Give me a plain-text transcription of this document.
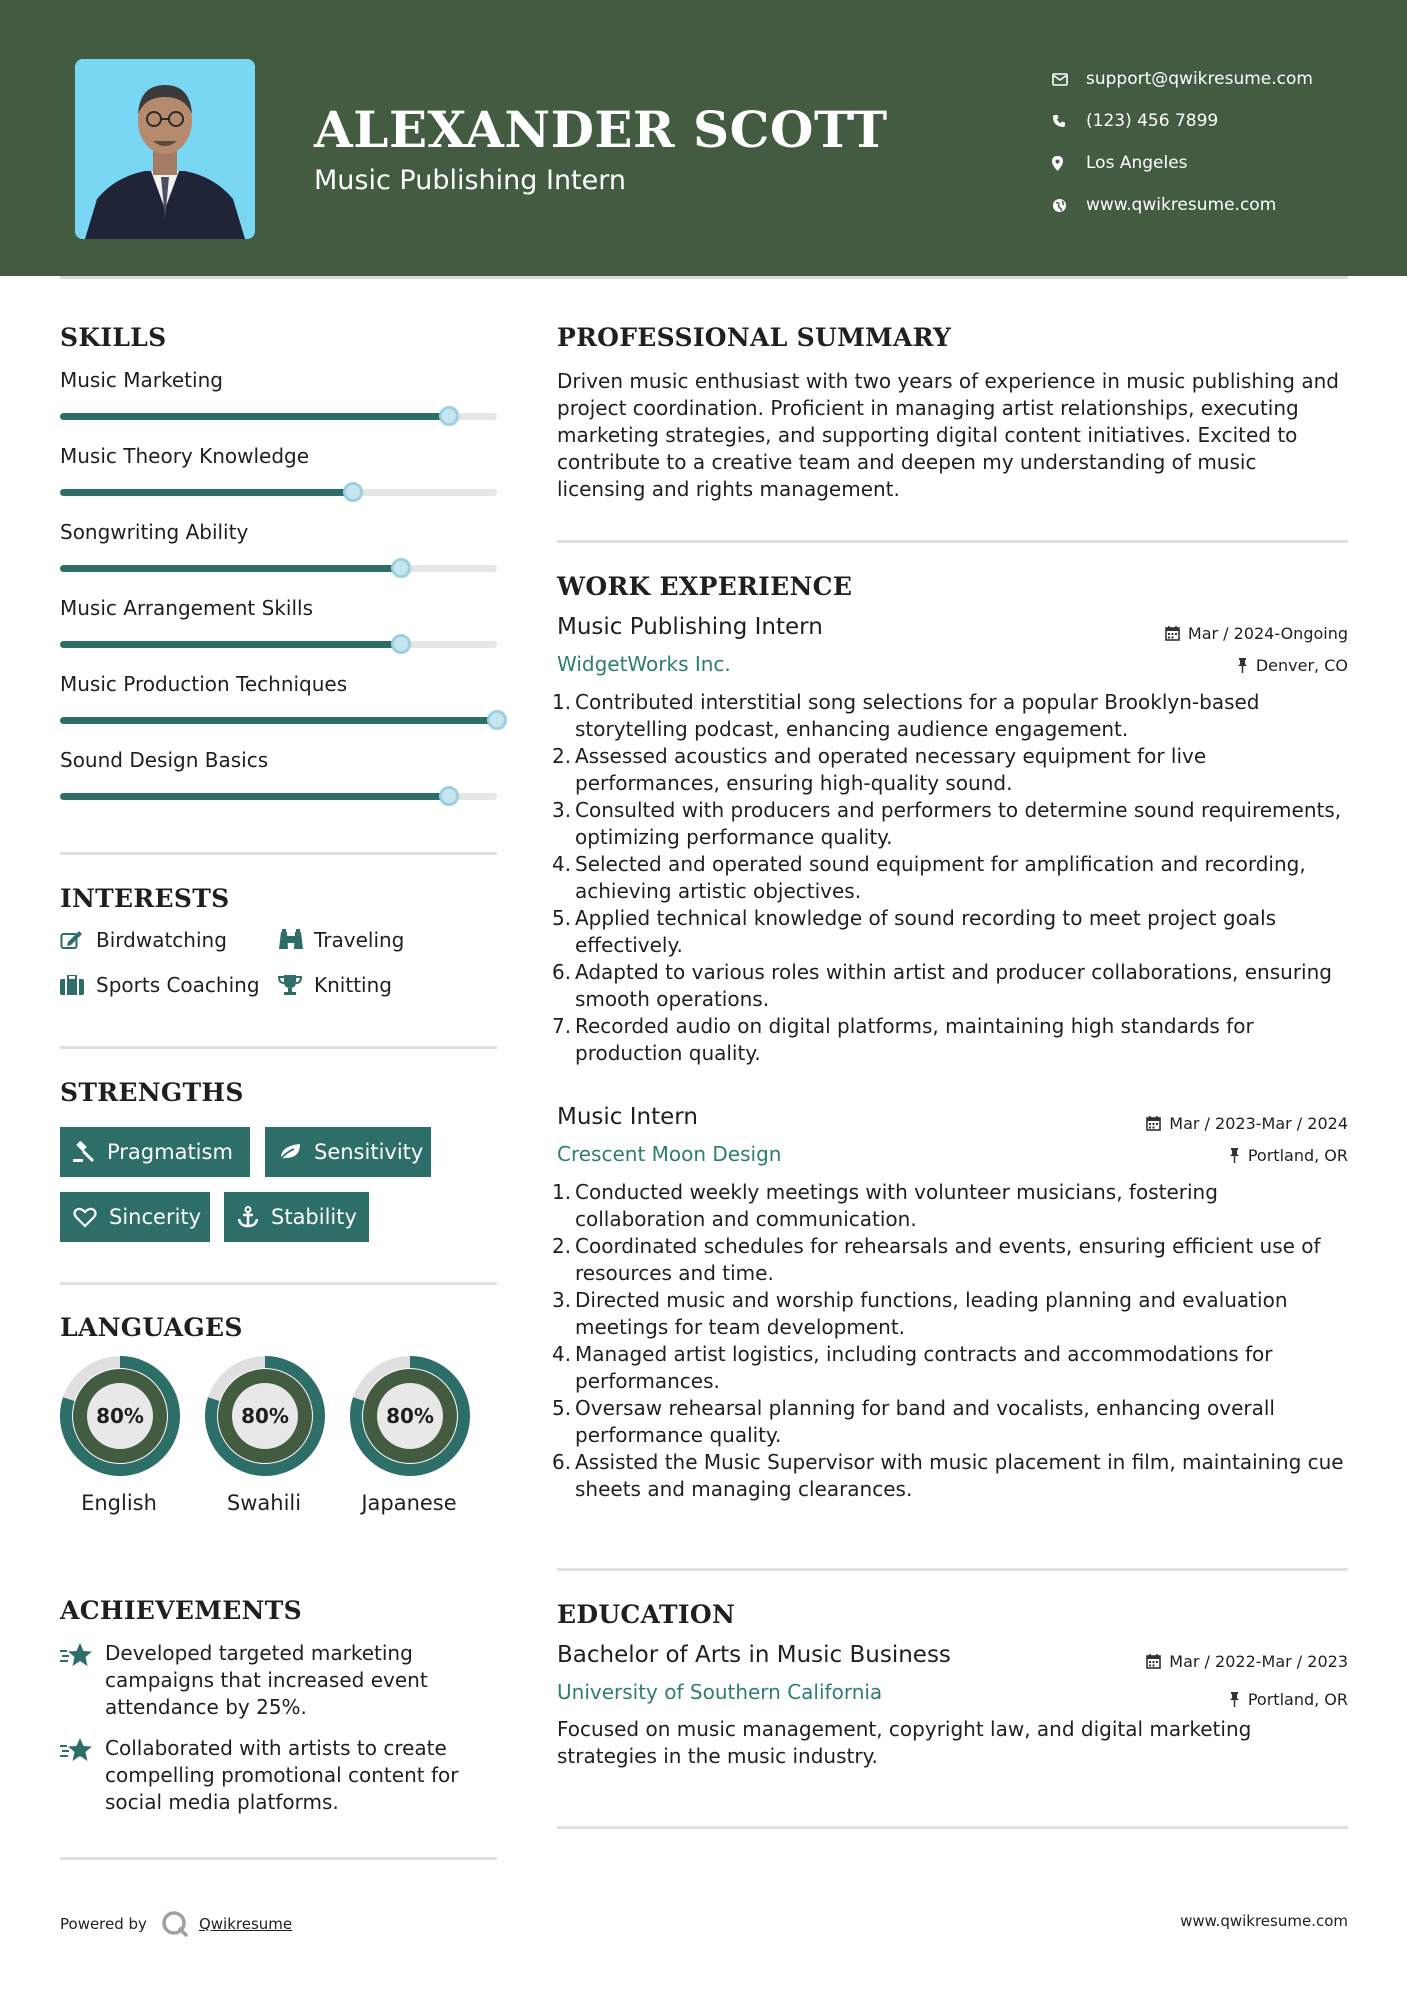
ALEXANDER SCOTT
Music Publishing Intern
support@qwikresume.com
(123) 456 7899
Los Angeles
www.qwikresume.com
SKILLS
Music Marketing
Music Theory Knowledge
Songwriting Ability
Music Arrangement Skills
Music Production Techniques
Sound Design Basics
INTERESTS
Birdwatching	Traveling
Sports Coaching	Knitting
STRENGTHS
Pragmatism	Sensitivity
Sincerity	Stability
LANGUAGES
80%
English
80%
Swahili
80%
Japanese
ACHIEVEMENTS
Developed targeted marketing campaigns that increased event attendance by 25%.
Collaborated with artists to create compelling promotional content for social media platforms.
PROFESSIONAL SUMMARY
Driven music enthusiast with two years of experience in music publishing and project coordination. Proficient in managing artist relationships, executing marketing strategies, and supporting digital content initiatives. Excited to contribute to a creative team and deepen my understanding of music licensing and rights management.
WORK EXPERIENCE
Music Publishing Intern	Mar / 2024-Ongoing
WidgetWorks Inc.	Denver, CO
1. Contributed interstitial song selections for a popular Brooklyn-based storytelling podcast, enhancing audience engagement.
2. Assessed acoustics and operated necessary equipment for live performances, ensuring high-quality sound.
3. Consulted with producers and performers to determine sound requirements, optimizing performance quality.
4. Selected and operated sound equipment for amplification and recording, achieving artistic objectives.
5. Applied technical knowledge of sound recording to meet project goals effectively.
6. Adapted to various roles within artist and producer collaborations, ensuring smooth operations.
7. Recorded audio on digital platforms, maintaining high standards for production quality.
Music Intern	Mar / 2023-Mar / 2024
Crescent Moon Design	Portland, OR
1. Conducted weekly meetings with volunteer musicians, fostering collaboration and communication.
2. Coordinated schedules for rehearsals and events, ensuring efficient use of resources and time.
3. Directed music and worship functions, leading planning and evaluation meetings for team development.
4. Managed artist logistics, including contracts and accommodations for performances.
5. Oversaw rehearsal planning for band and vocalists, enhancing overall performance quality.
6. Assisted the Music Supervisor with music placement in film, maintaining cue sheets and managing clearances.
EDUCATION
Bachelor of Arts in Music Business	Mar / 2022-Mar / 2023
University of Southern California	Portland, OR
Focused on music management, copyright law, and digital marketing strategies in the music industry.
Powered by	Qwikresume	www.qwikresume.com
